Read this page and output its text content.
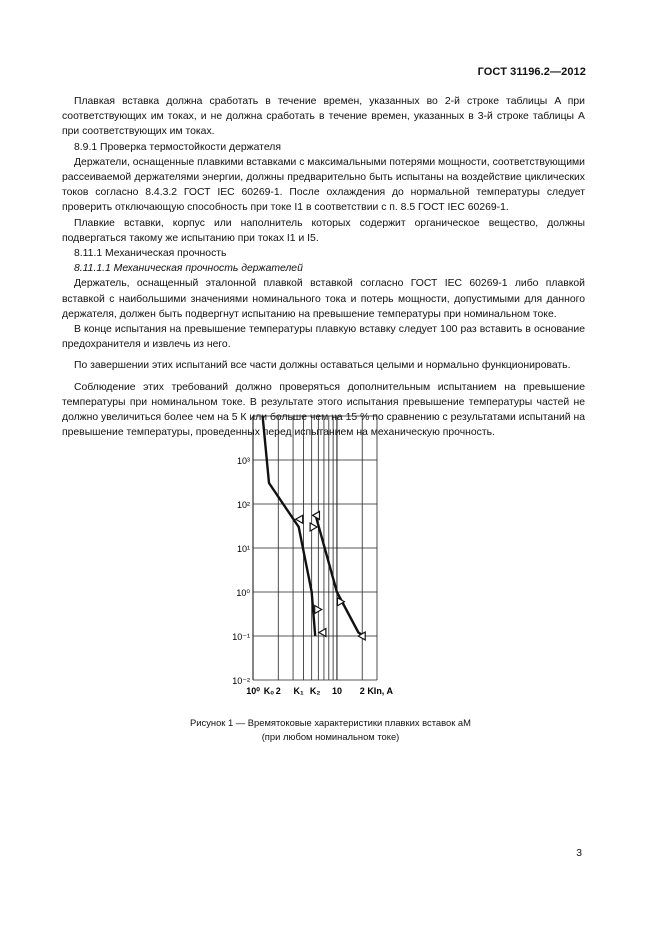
ГОСТ 31196.2—2012

Плавкая вставка должна сработать в течение времен, указанных во 2-й строке таблицы A при соответствующих им токах, и не должна сработать в течение времен, указанных в 3-й строке таблицы A при соответствующих им токах.

8.9.1 Проверка термостойкости держателя

Держатели, оснащенные плавкими вставками с максимальными потерями мощности, соответствующими рассеиваемой держателями энергии, должны предварительно быть испытаны на воздействие циклических токов согласно 8.4.3.2 ГОСТ IEC 60269-1. После охлаждения до нормальной температуры следует проверить отключающую способность при токе I1 в соответствии с п. 8.5 ГОСТ IEC 60269-1.

Плавкие вставки, корпус или наполнитель которых содержит органическое вещество, должны подвергаться такому же испытанию при токах I1 и I5.

8.11.1 Механическая прочность

8.11.1.1 Механическая прочность держателей

Держатель, оснащенный эталонной плавкой вставкой согласно ГОСТ IEC 60269-1 либо плавкой вставкой с наибольшими значениями номинального тока и потерь мощности, допустимыми для данного держателя, должен быть подвергнут испытанию на превышение температуры при номинальном токе.

В конце испытания на превышение температуры плавкую вставку следует 100 раз вставить в основание предохранителя и извлечь из него.

По завершении этих испытаний все части должны оставаться целыми и нормально функционировать.

Соблюдение этих требований должно проверяться дополнительным испытанием на превышение температуры при номинальном токе. В результате этого испытания превышение температуры частей не должно увеличиться более чем на 5 К или больше чем на 15 % по сравнению с результатами испытаний на превышение температуры, проведенных перед испытанием на механическую прочность.

10³
10²
10¹
10⁰
10⁻¹
10⁻²
10⁰ K₀ 2 K₁ K₂ 10 2 KIn, A
Рисунок 1 — Времятоковые характеристики плавких вставок aM
(при любом номинальном токе)
3
